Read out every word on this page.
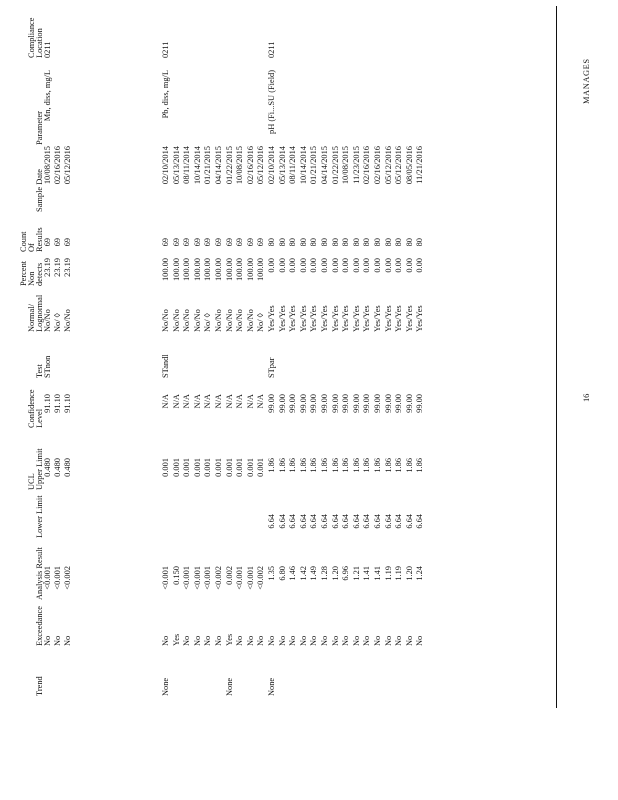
Compliance Location
Parameter
Sample Date
Count Of Results
Percent Non detects
Normal/ Lognormal
Test
Confidence Level
UCL Upper Limit
Lower Limit
Analysis Result
Exceedance
Trend
0211
Mn, diss, mg/L
10/08/2015
69
23.19
No/No
STnon
91.10
0.480
<0.001
No
02/16/2016
69
23.19
No/ ◊
91.10
0.480
<0.001
No
05/12/2016
69
23.19
No/No
91.10
0.480
<0.002
No
0211
Pb, diss, mg/L
02/10/2014
69
100.00
No/No
STandl
N/A
0.001
<0.001
No
None
05/13/2014
69
100.00
No/No
N/A
0.001
0.150
Yes
08/11/2014
69
100.00
No/No
N/A
0.001
<0.001
No
10/14/2014
69
100.00
No/No
N/A
0.001
<0.001
No
01/21/2015
69
100.00
No/ ◊
N/A
0.001
<0.001
No
04/14/2015
69
100.00
No/No
N/A
0.001
<0.002
No
01/22/2015
69
100.00
No/No
N/A
0.001
0.002
Yes
None
10/08/2015
69
100.00
No/No
N/A
0.001
<0.001
No
02/16/2016
69
100.00
No/No
N/A
0.001
<0.001
No
05/12/2016
69
100.00
No/ ◊
N/A
0.001
<0.002
No
0211
pH (Fi...SU (Field)
02/10/2014
80
0.00
Yes/Yes
STpar
99.00
1.86
6.64
1.35
No
None
05/13/2014
80
0.00
Yes/Yes
99.00
1.86
6.64
6.80
No
08/11/2014
80
0.00
Yes/Yes
99.00
1.86
6.64
1.46
No
10/14/2014
80
0.00
Yes/Yes
99.00
1.86
6.64
1.42
No
01/21/2015
80
0.00
Yes/Yes
99.00
1.86
6.64
1.49
No
04/14/2015
80
0.00
Yes/Yes
99.00
1.86
6.64
1.28
No
01/22/2015
80
0.00
Yes/Yes
99.00
1.86
6.64
1.20
No
10/08/2015
80
0.00
Yes/Yes
99.00
1.86
6.64
6.96
No
11/23/2015
80
0.00
Yes/Yes
99.00
1.86
6.64
1.21
No
02/16/2016
80
0.00
Yes/Yes
99.00
1.86
6.64
1.41
No
02/16/2016
80
0.00
Yes/Yes
99.00
1.86
6.64
1.41
No
05/12/2016
80
0.00
Yes/Yes
99.00
1.86
6.64
1.19
No
05/12/2016
80
0.00
Yes/Yes
99.00
1.86
6.64
1.19
No
08/05/2016
80
0.00
Yes/Yes
99.00
1.86
6.64
1.20
No
11/21/2016
80
0.00
Yes/Yes
99.00
1.86
6.64
1.24
No
MANAGES
16
